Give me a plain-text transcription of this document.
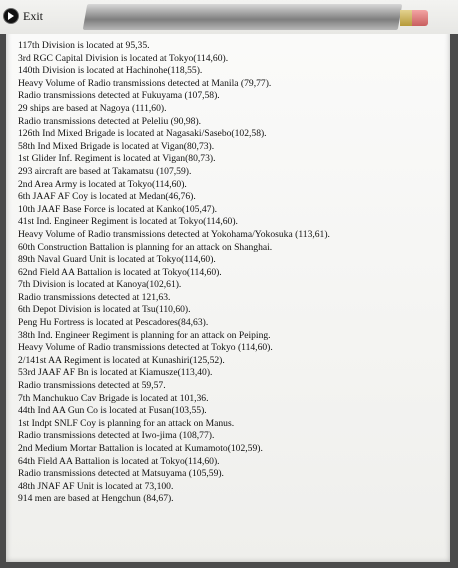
Exit
117th Division is located at 95,35.
3rd RGC Capital Division is located at Tokyo(114,60).
140th Division is located at Hachinohe(118,55).
Heavy Volume of Radio transmissions detected at Manila (79,77).
Radio transmissions detected at Fukuyama (107,58).
29 ships are based at Nagoya (111,60).
Radio transmissions detected at Peleliu (90,98).
126th Ind Mixed Brigade is located at Nagasaki/Sasebo(102,58).
58th Ind Mixed Brigade is located at Vigan(80,73).
1st Glider Inf. Regiment is located at Vigan(80,73).
293 aircraft are based at Takamatsu (107,59).
2nd Area Army is located at Tokyo(114,60).
6th JAAF AF Coy is located at Medan(46,76).
10th JAAF Base Force is located at Kanko(105,47).
41st Ind. Engineer Regiment is located at Tokyo(114,60).
Heavy Volume of Radio transmissions detected at Yokohama/Yokosuka (113,61).
60th Construction Battalion is planning for an attack on Shanghai.
89th Naval Guard Unit is located at Tokyo(114,60).
62nd Field AA Battalion is located at Tokyo(114,60).
7th Division is located at Kanoya(102,61).
Radio transmissions detected at 121,63.
6th Depot Division is located at Tsu(110,60).
Peng Hu Fortress is located at Pescadores(84,63).
38th Ind. Engineer Regiment is planning for an attack on Peiping.
Heavy Volume of Radio transmissions detected at Tokyo (114,60).
2/141st AA Regiment is located at Kunashiri(125,52).
53rd JAAF AF Bn is located at Kiamusze(113,40).
Radio transmissions detected at 59,57.
7th Manchukuo Cav Brigade is located at 101,36.
44th Ind AA Gun Co is located at Fusan(103,55).
1st Indpt SNLF Coy is planning for an attack on Manus.
Radio transmissions detected at Iwo-jima (108,77).
2nd Medium Mortar Battalion is located at Kumamoto(102,59).
64th Field AA Battalion is located at Tokyo(114,60).
Radio transmissions detected at Matsuyama (105,59).
48th JNAF AF Unit is located at 73,100.
914 men are based at Hengchun (84,67).
